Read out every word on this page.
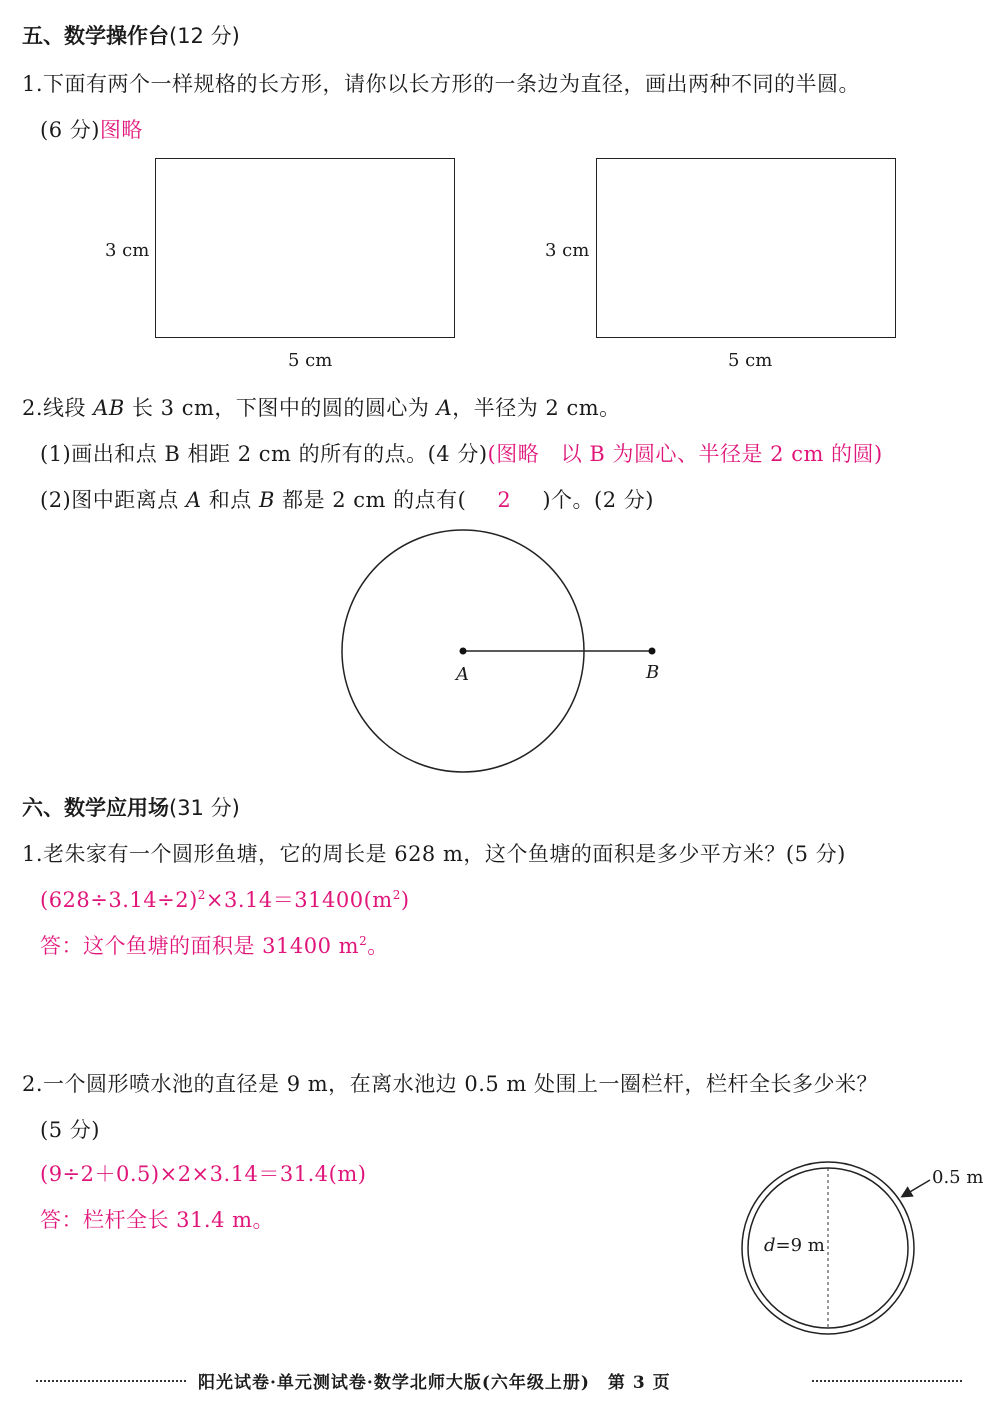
五、数学操作台(12 分)
1.下面有两个一样规格的长方形，请你以长方形的一条边为直径，画出两种不同的半圆。
(6 分)图略
3 cm
5 cm
3 cm
5 cm
2.线段 AB 长 3 cm，下图中的圆的圆心为 A，半径为 2 cm。
(1)画出和点 B 相距 2 cm 的所有的点。(4 分)(图略　以 B 为圆心、半径是 2 cm 的圆)
(2)图中距离点 A 和点 B 都是 2 cm 的点有( 2 )个。(2 分)
A	B
六、数学应用场(31 分)
1.老朱家有一个圆形鱼塘，它的周长是 628 m，这个鱼塘的面积是多少平方米？(5 分)
$(628\div 3.14\div 2)^2\times 3.14=31400(m^2)$
答：这个鱼塘的面积是 31400 $m^2$。
2.一个圆形喷水池的直径是 9 m，在离水池边 0.5 m 处围上一圈栏杆，栏杆全长多少米？
(5 分)
(9÷2＋0.5)×2×3.14＝31.4(m)
答：栏杆全长 31.4 m。
0.5 m
d=9 m
阳光试卷·单元测试卷·数学北师大版(六年级上册)　第 3 页
